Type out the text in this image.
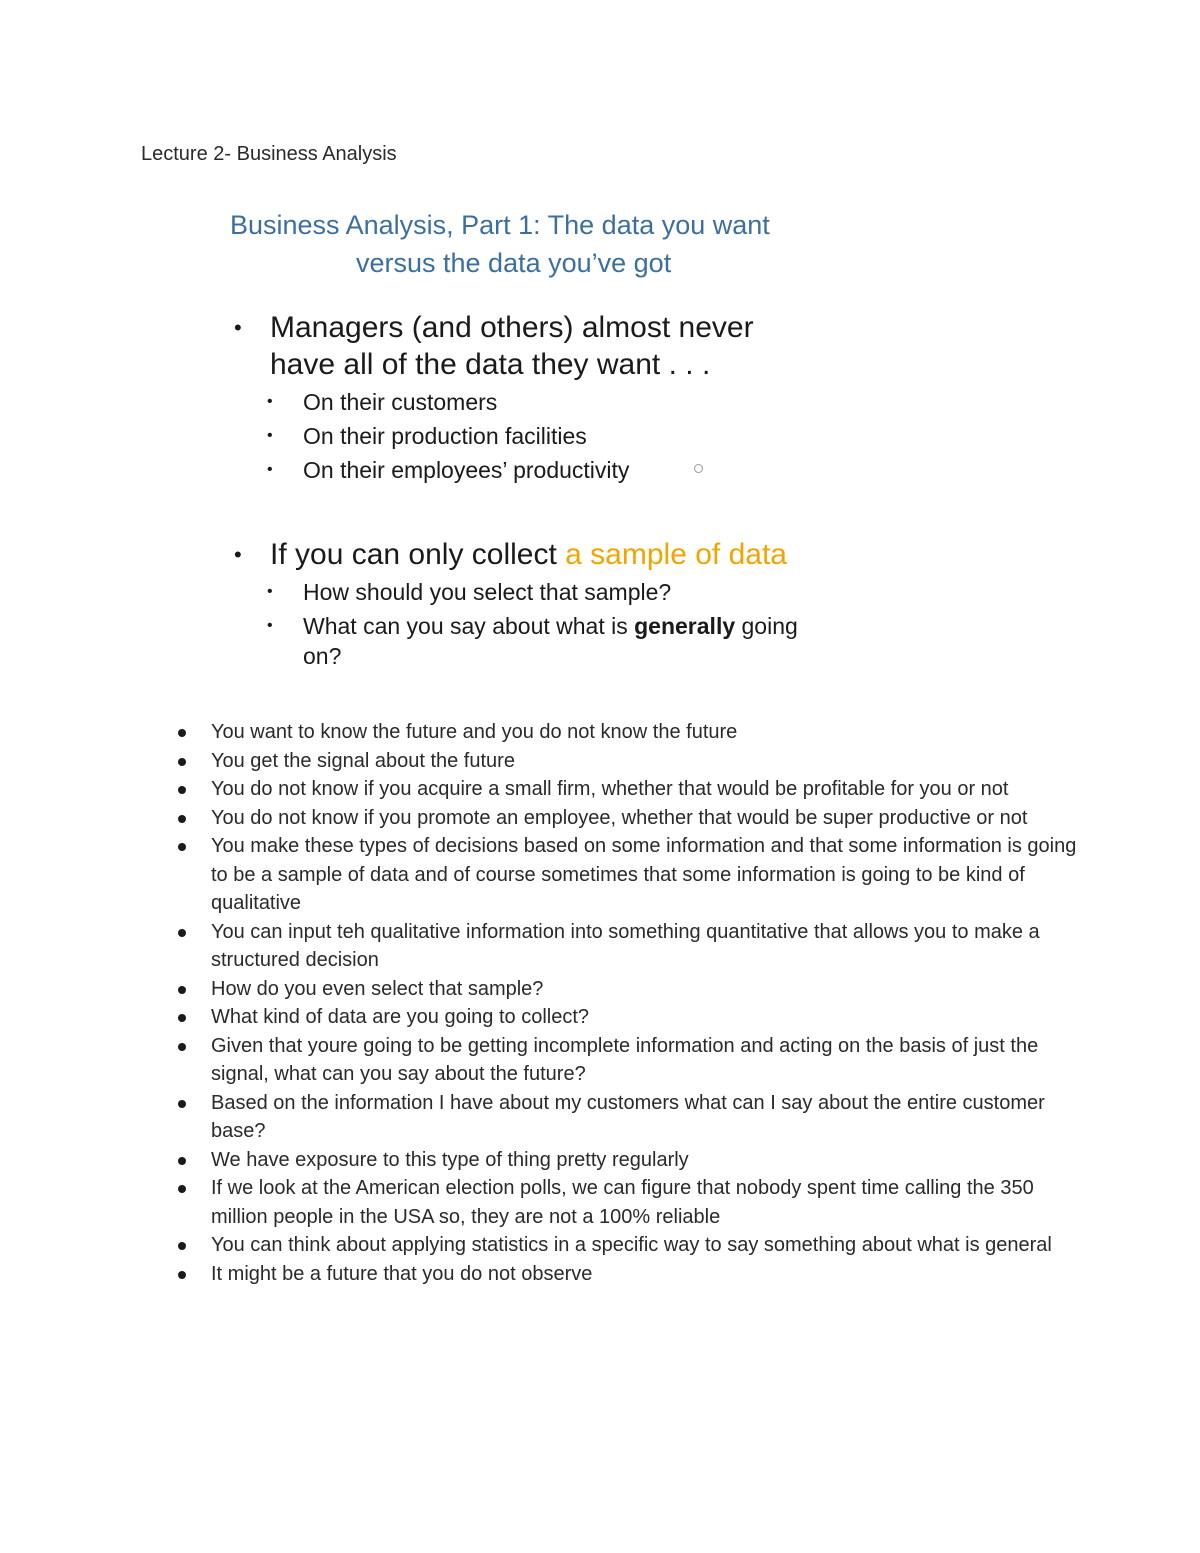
Lecture 2- Business Analysis
Business Analysis, Part 1: The data you want
versus the data you’ve got
• Managers (and others) almost never
have all of the data they want . . .
• On their customers
• On their production facilities
• On their employees’ productivity
• If you can only collect a sample of data
• How should you select that sample?
• What can you say about what is generally going
on?
You want to know the future and you do not know the future
You get the signal about the future
You do not know if you acquire a small firm, whether that would be profitable for you or not
You do not know if you promote an employee, whether that would be super productive or not
You make these types of decisions based on some information and that some information is going to be a sample of data and of course sometimes that some information is going to be kind of qualitative
You can input teh qualitative information into something quantitative that allows you to make a structured decision
How do you even select that sample?
What kind of data are you going to collect?
Given that youre going to be getting incomplete information and acting on the basis of just the signal, what can you say about the future?
Based on the information I have about my customers what can I say about the entire customer base?
We have exposure to this type of thing pretty regularly
If we look at the American election polls, we can figure that nobody spent time calling the 350 million people in the USA so, they are not a 100% reliable
You can think about applying statistics in a specific way to say something about what is general
It might be a future that you do not observe
